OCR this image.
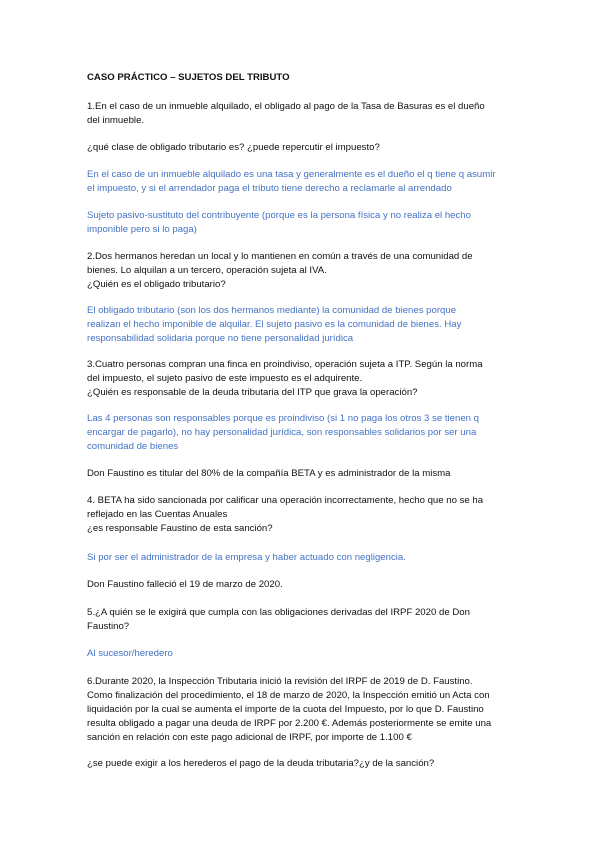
CASO PRÁCTICO – SUJETOS DEL TRIBUTO
1.En el caso de un inmueble alquilado, el obligado al pago de la Tasa de Basuras es el dueño
del inmueble.
¿qué clase de obligado tributario es? ¿puede repercutir el impuesto?
En el caso de un inmueble alquilado es una tasa y generalmente es el dueño el q tiene q asumir
el impuesto, y si el arrendador paga el tributo tiene derecho a reclamarle al arrendado
Sujeto pasivo-sustituto del contribuyente (porque es la persona física y no realiza el hecho
imponible pero si lo paga)
2.Dos hermanos heredan un local y lo mantienen en común a través de una comunidad de
bienes. Lo alquilan a un tercero, operación sujeta al IVA.
¿Quién es el obligado tributario?
El obligado tributario (son los dos hermanos mediante) la comunidad de bienes porque
realizan el hecho imponible de alquilar. El sujeto pasivo es la comunidad de bienes. Hay
responsabilidad solidaria porque no tiene personalidad jurídica
3.Cuatro personas compran una finca en proindiviso, operación sujeta a ITP. Según la norma
del impuesto, el sujeto pasivo de este impuesto es el adquirente.
¿Quién es responsable de la deuda tributaria del ITP que grava la operación?
Las 4 personas son responsables porque es proindiviso (si 1 no paga los otros 3 se tienen q
encargar de pagarlo), no hay personalidad jurídica, son responsables solidarios por ser una
comunidad de bienes
Don Faustino es titular del 80% de la compañía BETA y es administrador de la misma
4. BETA ha sido sancionada por calificar una operación incorrectamente, hecho que no se ha
reflejado en las Cuentas Anuales
¿es responsable Faustino de esta sanción?
Si por ser el administrador de la empresa y haber actuado con negligencia.
Don Faustino falleció el 19 de marzo de 2020.
5.¿A quién se le exigirá que cumpla con las obligaciones derivadas del IRPF 2020 de Don
Faustino?
Al sucesor/heredero
6.Durante 2020, la Inspección Tributaria inició la revisión del IRPF de 2019 de D. Faustino.
Como finalización del procedimiento, el 18 de marzo de 2020, la Inspección emitió un Acta con
liquidación por la cual se aumenta el importe de la cuota del Impuesto, por lo que D. Faustino
resulta obligado a pagar una deuda de IRPF por 2.200 €. Además posteriormente se emite una
sanción en relación con este pago adicional de IRPF, por importe de 1.100 €
¿se puede exigir a los herederos el pago de la deuda tributaria?¿y de la sanción?
